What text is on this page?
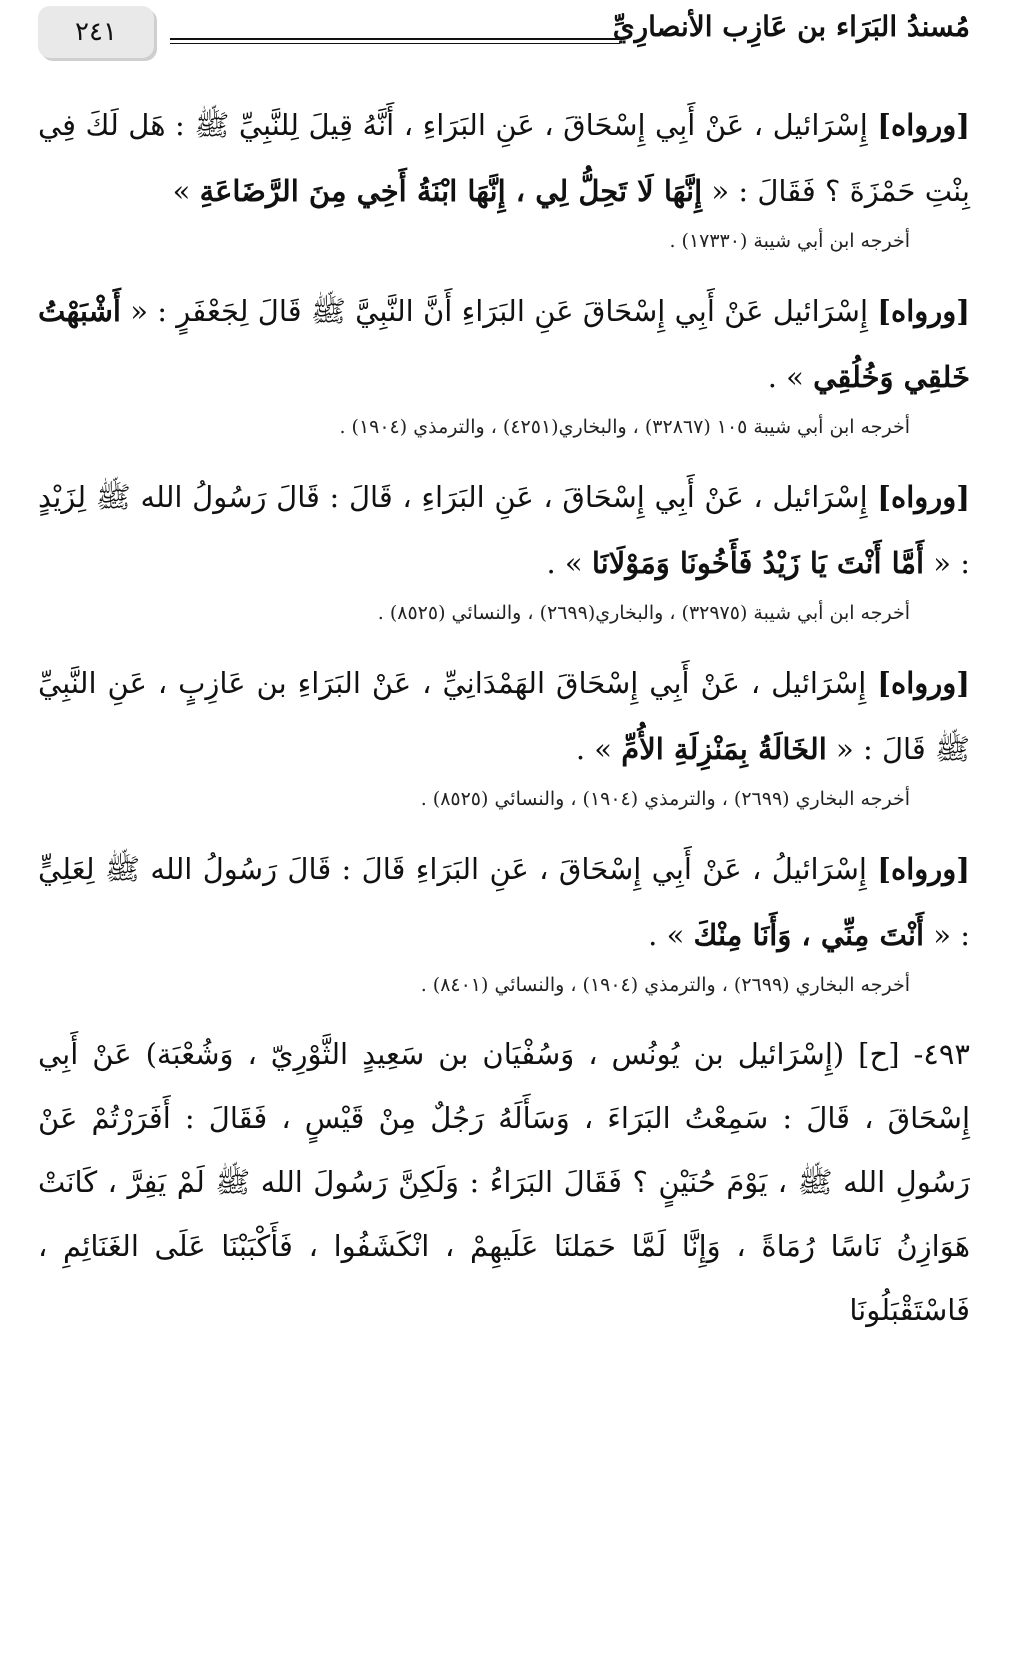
٢٤١	مُسندُ البَرَاء بن عَازِب الأنصارِيِّ

[ورواه] إِسْرَائيل ، عَنْ أَبِي إِسْحَاقَ ، عَنِ البَرَاءِ ، أَنَّهُ قِيلَ لِلنَّبِيِّ ﷺ : هَل لَكَ فِي بِنْتِ حَمْزَةَ ؟ فَقَالَ : « إِنَّهَا لَا تَحِلُّ لِي ، إِنَّهَا ابْنَةُ أَخِي مِنَ الرَّضَاعَةِ »

أخرجه ابن أبي شيبة (١٧٣٣٠) .

[ورواه] إِسْرَائيل عَنْ أَبِي إِسْحَاقَ عَنِ البَرَاءِ أَنَّ النَّبِيَّ ﷺ قَالَ لِجَعْفَرٍ : « أَشْبَهْتُ خَلقِي وَخُلُقِي » .

أخرجه ابن أبي شيبة ١٠٥ (٣٢٨٦٧) ، والبخاري(٤٢٥١) ، والترمذي (١٩٠٤) .

[ورواه] إِسْرَائيل ، عَنْ أَبِي إِسْحَاقَ ، عَنِ البَرَاءِ ، قَالَ : قَالَ رَسُولُ الله ﷺ لِزَيْدٍ : « أَمَّا أَنْتَ يَا زَيْدُ فَأَخُونَا وَمَوْلَانَا » .

أخرجه ابن أبي شيبة (٣٢٩٧٥) ، والبخاري(٢٦٩٩) ، والنسائي (٨٥٢٥) .

[ورواه] إِسْرَائيل ، عَنْ أَبِي إِسْحَاقَ الهَمْدَانِيِّ ، عَنْ البَرَاءِ بن عَازِبٍ ، عَنِ النَّبِيِّ ﷺ قَالَ : « الخَالَةُ بِمَنْزِلَةِ الأُمِّ » .

أخرجه البخاري (٢٦٩٩) ، والترمذي (١٩٠٤) ، والنسائي (٨٥٢٥) .

[ورواه] إِسْرَائيلُ ، عَنْ أَبِي إِسْحَاقَ ، عَنِ البَرَاءِ قَالَ : قَالَ رَسُولُ الله ﷺ لِعَلِيٍّ : « أَنْتَ مِنِّي ، وَأَنَا مِنْكَ » .

أخرجه البخاري (٢٦٩٩) ، والترمذي (١٩٠٤) ، والنسائي (٨٤٠١) .

٤٩٣- [ح] (إِسْرَائيل بن يُونُس ، وَسُفْيَان بن سَعِيدٍ الثَّوْرِيّ ، وَشُعْبَة) عَنْ أَبِي إِسْحَاقَ ، قَالَ : سَمِعْتُ البَرَاءَ ، وَسَأَلَهُ رَجُلٌ مِنْ قَيْسٍ ، فَقَالَ : أَفَرَرْتُمْ عَنْ رَسُولِ الله ﷺ ، يَوْمَ حُنَيْنٍ ؟ فَقَالَ البَرَاءُ : وَلَكِنَّ رَسُولَ الله ﷺ لَمْ يَفِرَّ ، كَانَتْ هَوَازِنُ نَاسًا رُمَاةً ، وَإِنَّا لَمَّا حَمَلنَا عَلَيهِمْ ، انْكَشَفُوا ، فَأَكْبَبْنَا عَلَى الغَنَائِمِ ، فَاسْتَقْبَلُونَا
